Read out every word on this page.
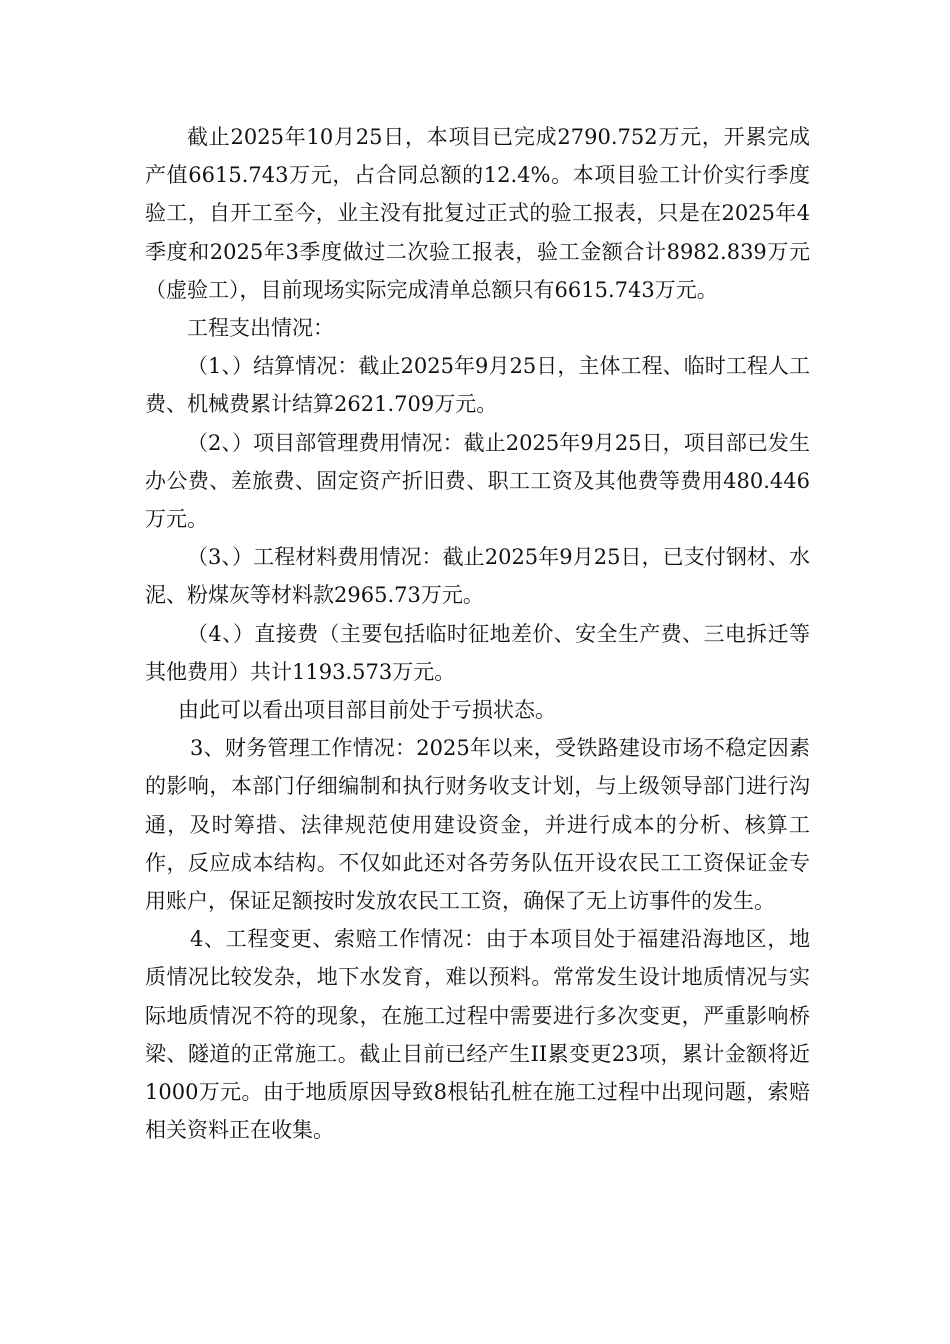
截止2025年10月25日，本项目已完成2790.752万元，开累完成产值6615.743万元，占合同总额的12.4%。本项目验工计价实行季度验工，自开工至今，业主没有批复过正式的验工报表，只是在2025年4季度和2025年3季度做过二次验工报表，验工金额合计8982.839万元（虚验工），目前现场实际完成清单总额只有6615.743万元。

工程支出情况：

（1、）结算情况：截止2025年9月25日，主体工程、临时工程人工费、机械费累计结算2621.709万元。

（2、）项目部管理费用情况：截止2025年9月25日，项目部已发生办公费、差旅费、固定资产折旧费、职工工资及其他费等费用480.446万元。

（3、）工程材料费用情况：截止2025年9月25日，已支付钢材、水泥、粉煤灰等材料款2965.73万元。

（4、）直接费（主要包括临时征地差价、安全生产费、三电拆迁等其他费用）共计1193.573万元。

由此可以看出项目部目前处于亏损状态。

3、财务管理工作情况：2025年以来，受铁路建设市场不稳定因素的影响，本部门仔细编制和执行财务收支计划，与上级领导部门进行沟通，及时筹措、法律规范使用建设资金，并进行成本的分析、核算工作，反应成本结构。不仅如此还对各劳务队伍开设农民工工资保证金专用账户，保证足额按时发放农民工工资，确保了无上访事件的发生。

4、工程变更、索赔工作情况：由于本项目处于福建沿海地区，地质情况比较发杂，地下水发育，难以预料。常常发生设计地质情况与实际地质情况不符的现象，在施工过程中需要进行多次变更，严重影响桥梁、隧道的正常施工。截止目前已经产生II累变更23项，累计金额将近1000万元。由于地质原因导致8根钻孔桩在施工过程中出现问题，索赔相关资料正在收集。
